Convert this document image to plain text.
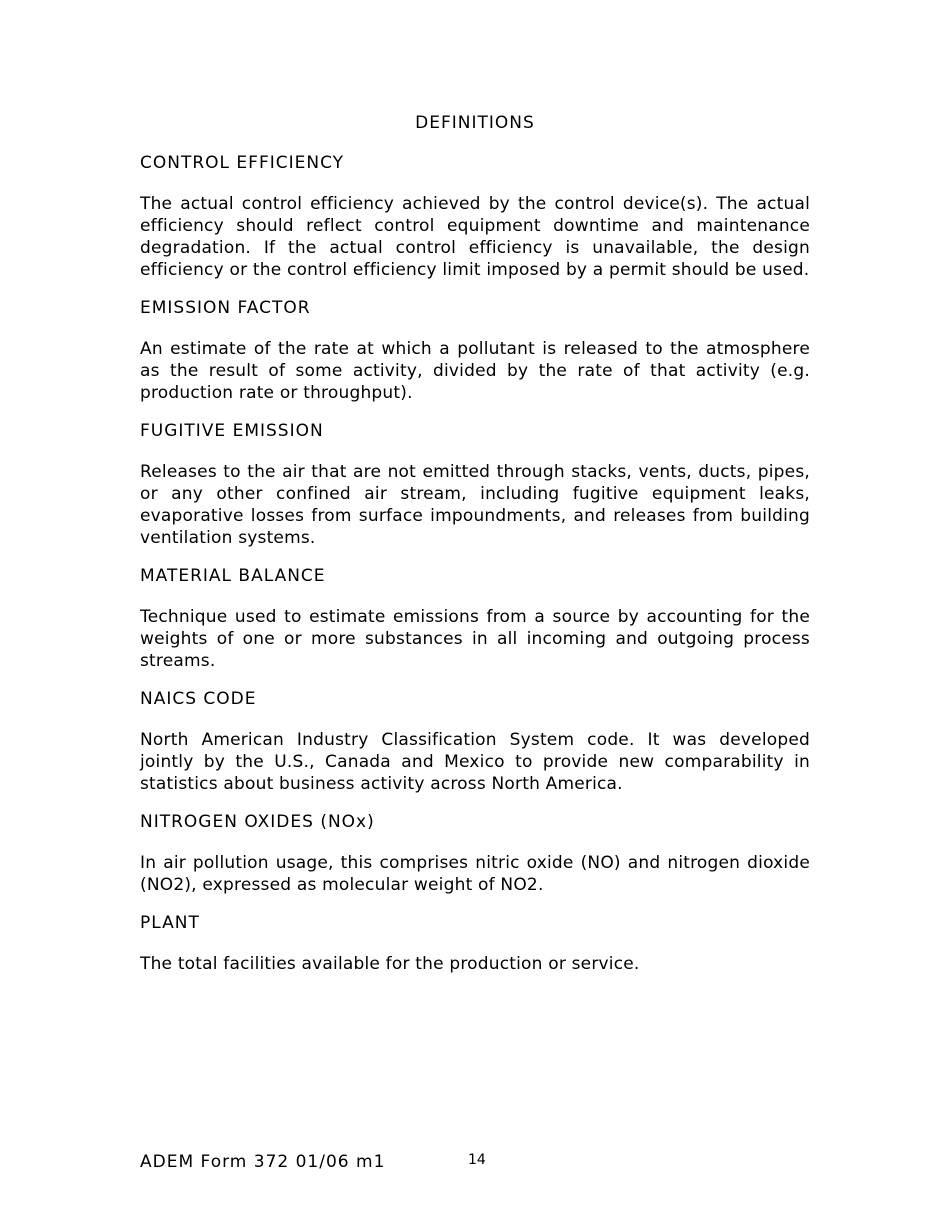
DEFINITIONS
CONTROL EFFICIENCY
The actual control efficiency achieved by the control device(s). The actual efficiency should reflect control equipment downtime and maintenance degradation. If the actual control efficiency is unavailable, the design efficiency or the control efficiency limit imposed by a permit should be used.
EMISSION FACTOR
An estimate of the rate at which a pollutant is released to the atmosphere as the result of some activity, divided by the rate of that activity (e.g. production rate or throughput).
FUGITIVE EMISSION
Releases to the air that are not emitted through stacks, vents, ducts, pipes, or any other confined air stream, including fugitive equipment leaks, evaporative losses from surface impoundments, and releases from building ventilation systems.
MATERIAL BALANCE
Technique used to estimate emissions from a source by accounting for the weights of one or more substances in all incoming and outgoing process streams.
NAICS CODE
North American Industry Classification System code. It was developed jointly by the U.S., Canada and Mexico to provide new comparability in statistics about business activity across North America.
NITROGEN OXIDES (NOx)
In air pollution usage, this comprises nitric oxide (NO) and nitrogen dioxide (NO2), expressed as molecular weight of NO2.
PLANT
The total facilities available for the production or service.
ADEM Form 372 01/06 m1	14
